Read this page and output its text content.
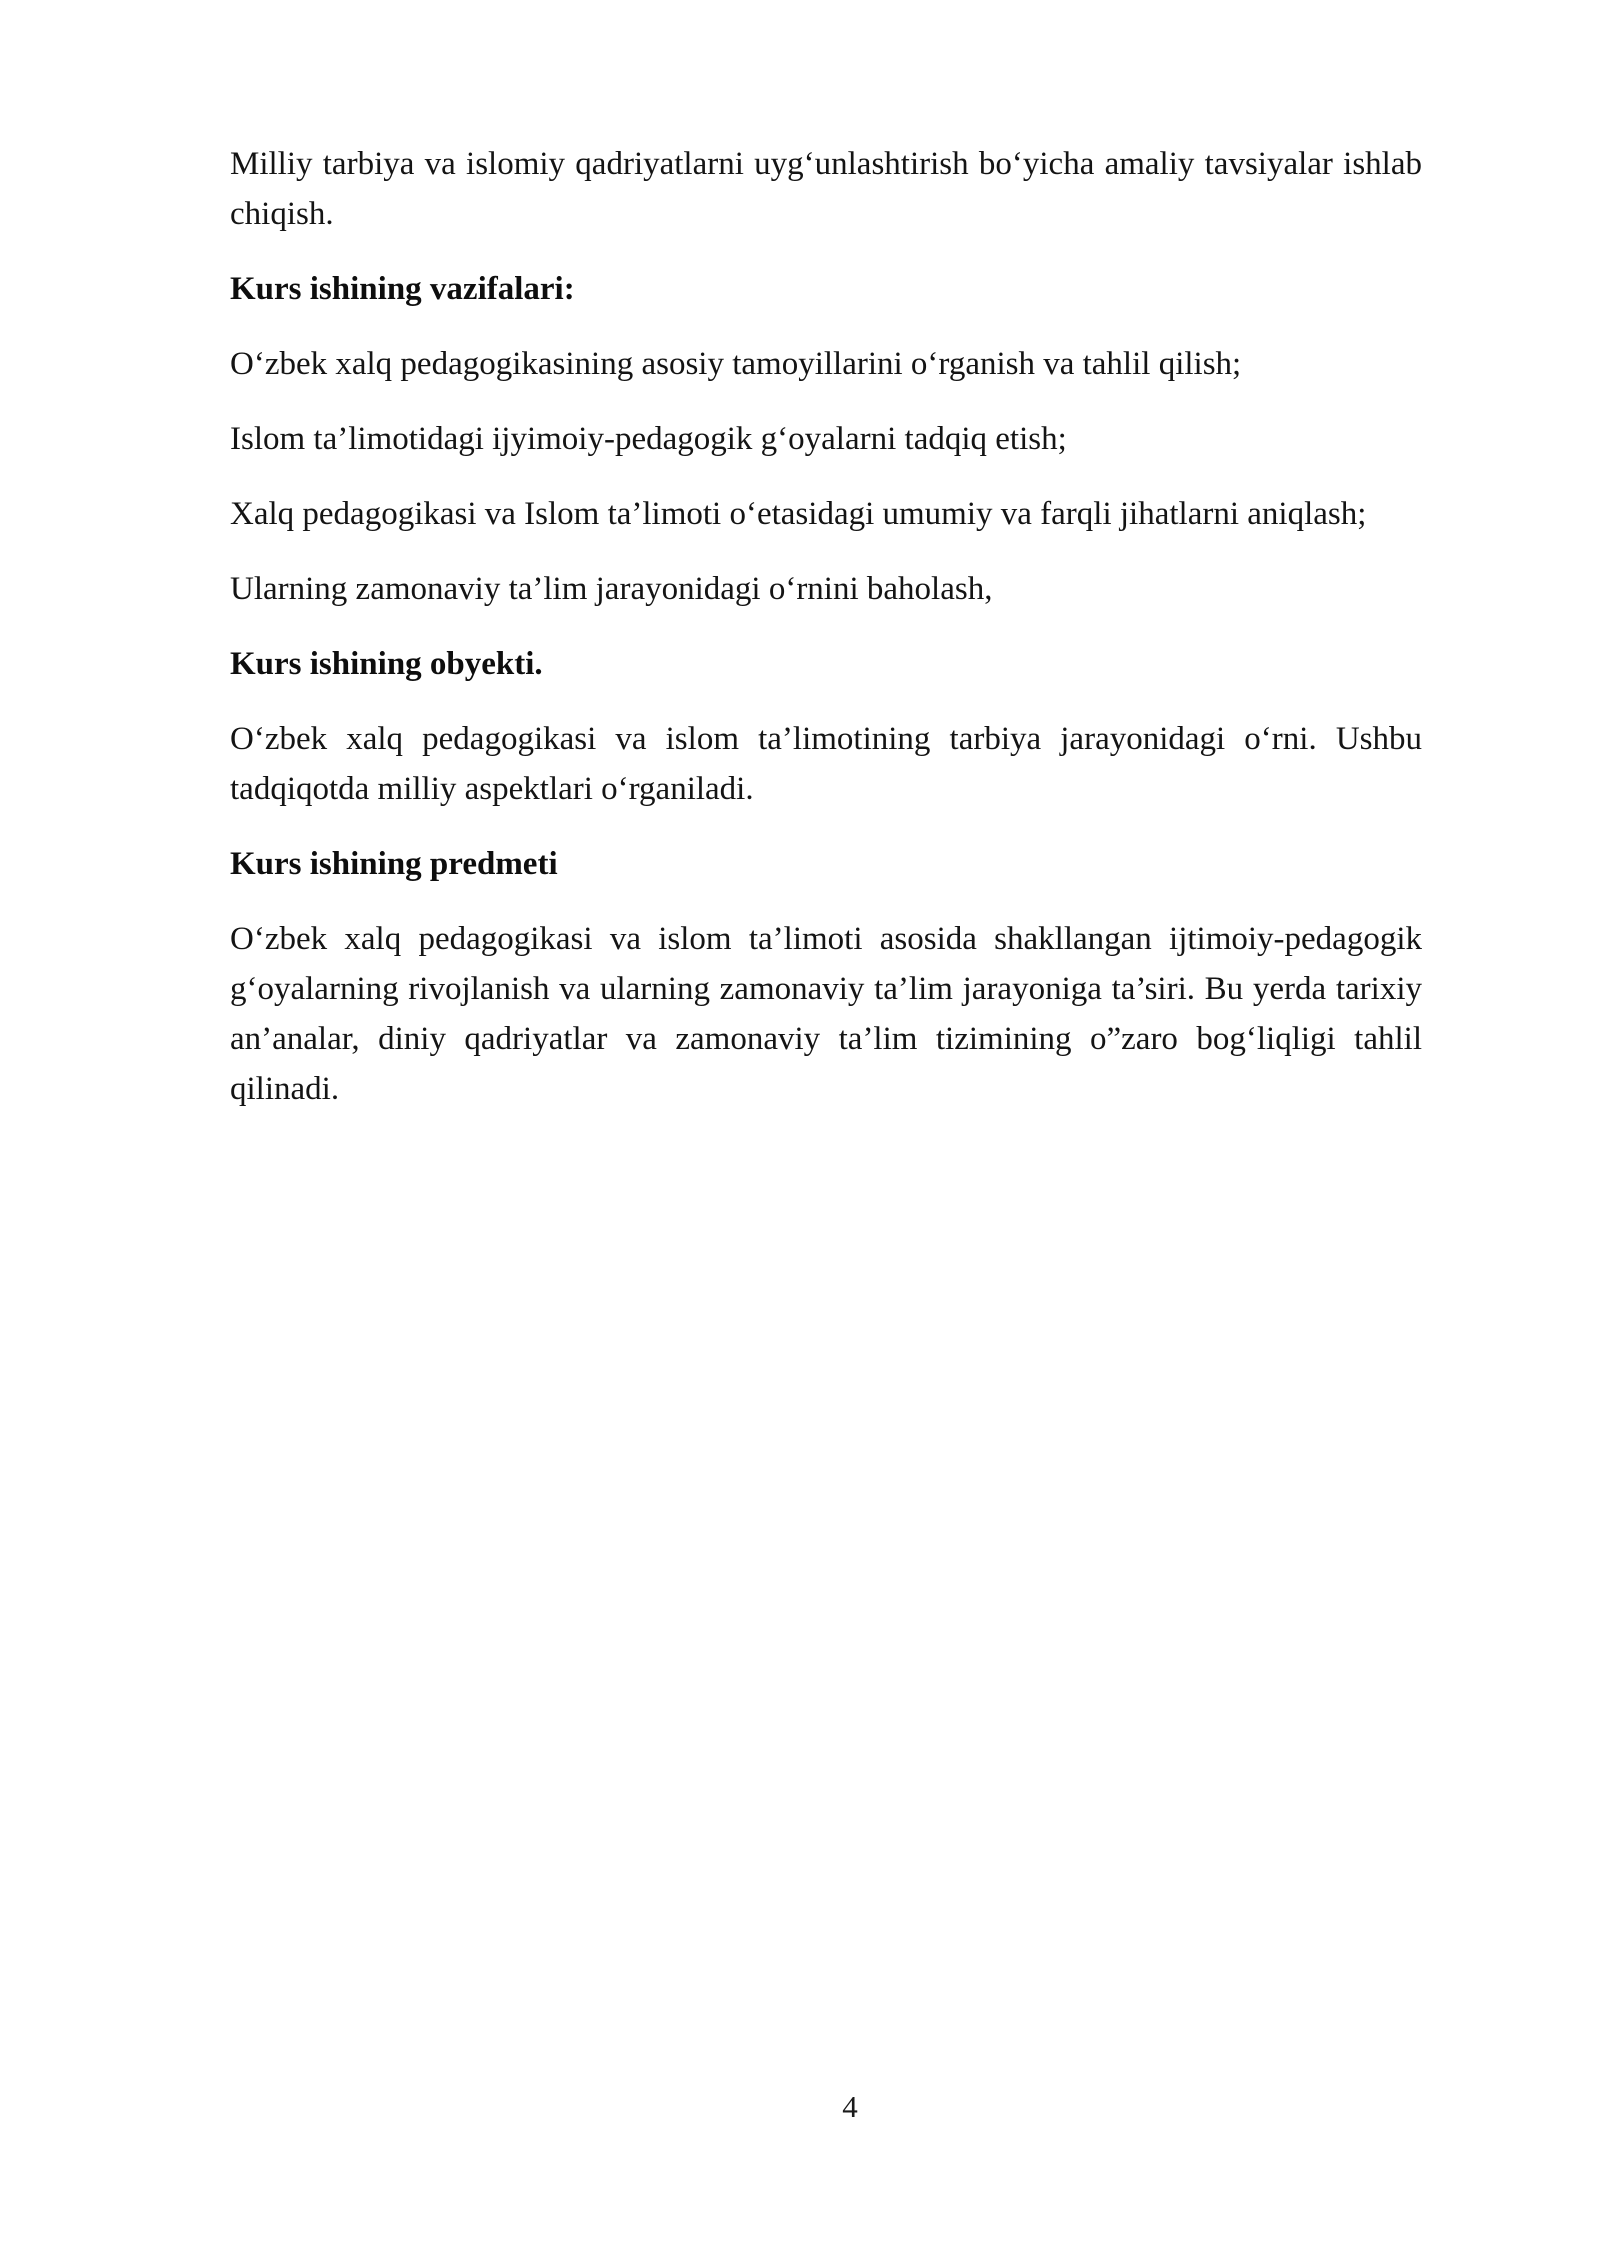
Milliy tarbiya va islomiy qadriyatlarni uyg‘unlashtirish bo‘yicha amaliy tavsiyalar ishlab chiqish.

Kurs ishining vazifalari:

O‘zbek xalq pedagogikasining asosiy tamoyillarini o‘rganish va tahlil qilish;

Islom ta’limotidagi ijyimoiy-pedagogik g‘oyalarni tadqiq etish;

Xalq pedagogikasi va Islom ta’limoti o‘etasidagi umumiy va farqli jihatlarni aniqlash;

Ularning zamonaviy ta’lim jarayonidagi o‘rnini baholash,

Kurs ishining obyekti.

O‘zbek xalq pedagogikasi va islom ta’limotining tarbiya jarayonidagi o‘rni. Ushbu tadqiqotda milliy aspektlari o‘rganiladi.

Kurs ishining predmeti

O‘zbek xalq pedagogikasi va islom ta’limoti asosida shakllangan ijtimoiy-pedagogik g‘oyalarning rivojlanish va ularning zamonaviy ta’lim jarayoniga ta’siri. Bu yerda tarixiy an’analar, diniy qadriyatlar va zamonaviy ta’lim tizimining o”zaro bog‘liqligi tahlil qilinadi.

4
